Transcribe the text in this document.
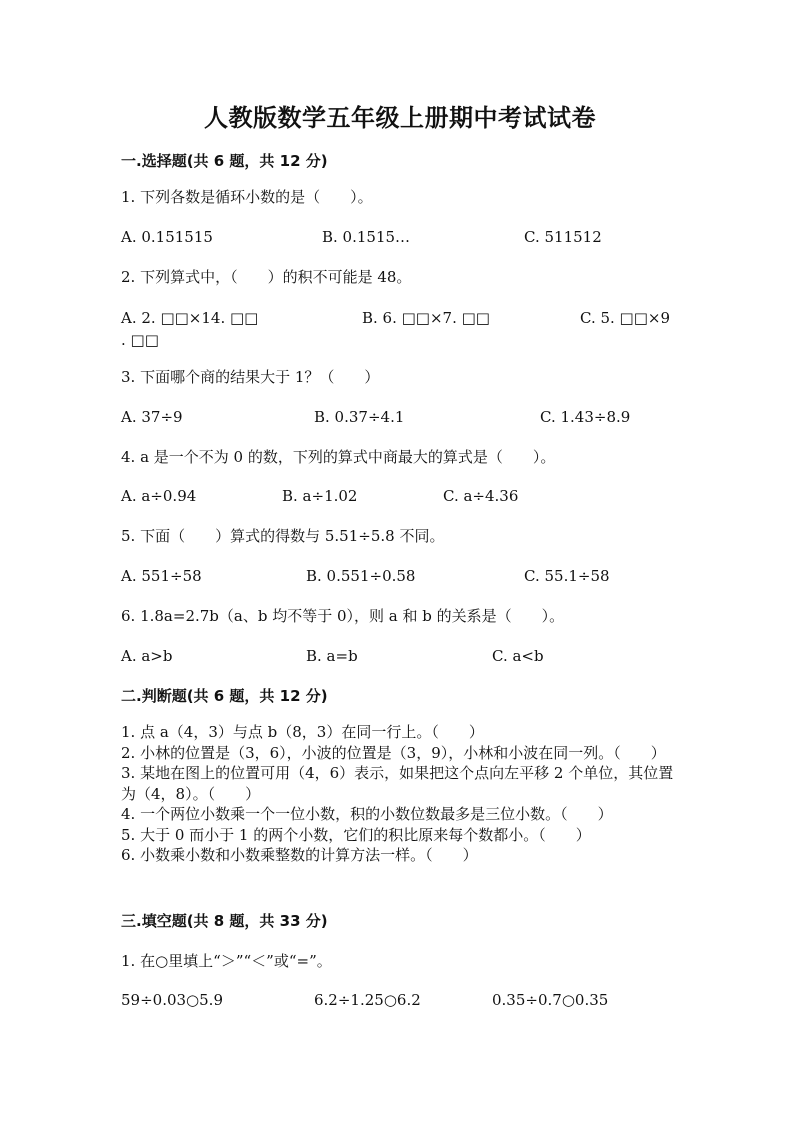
人教版数学五年级上册期中考试试卷
一.选择题(共 6 题，共 12 分)
1. 下列各数是循环小数的是（　　）。
A. 0.151515	B. 0.1515…	C. 511512
2. 下列算式中，（　　）的积不可能是 48。
A. 2. □□×14. □□	B. 6. □□×7. □□	C. 5. □□×9
. □□
3. 下面哪个商的结果大于 1？（　　）
A. 37÷9	B. 0.37÷4.1	C. 1.43÷8.9
4. a 是一个不为 0 的数，下列的算式中商最大的算式是（　　）。
A. a÷0.94	B. a÷1.02	C. a÷4.36
5. 下面（　　）算式的得数与 5.51÷5.8 不同。
A. 551÷58	B. 0.551÷0.58	C. 55.1÷58
6. 1.8a=2.7b（a、b 均不等于 0），则 a 和 b 的关系是（　　）。
A. a>b	B. a=b	C. a<b
二.判断题(共 6 题，共 12 分)

1. 点 a（4，3）与点 b（8，3）在同一行上。（　　）

2. 小林的位置是（3，6），小波的位置是（3，9），小林和小波在同一列。（　　）

3. 某地在图上的位置可用（4，6）表示，如果把这个点向左平移 2 个单位，其位置为（4，8）。（　　）

4. 一个两位小数乘一个一位小数，积的小数位数最多是三位小数。（　　）

5. 大于 0 而小于 1 的两个小数，它们的积比原来每个数都小。（　　）

6. 小数乘小数和小数乘整数的计算方法一样。（　　）

三.填空题(共 8 题，共 33 分)
1. 在○里填上“＞”“＜”或“=”。
59÷0.03○5.9	6.2÷1.25○6.2	0.35÷0.7○0.35
